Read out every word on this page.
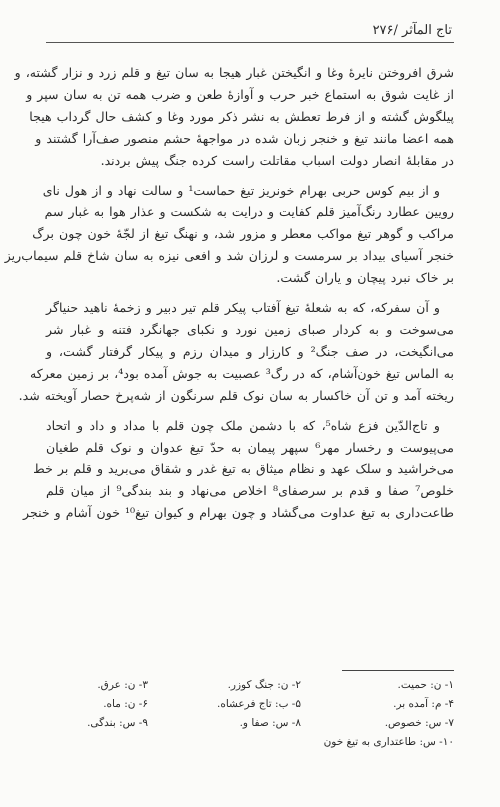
تاج المآثر /۲۷۶
شرق افروختن نایرهٔ وغا و انگیختن غبار هیجا به سان تیغ و قلم زرد و نزار گشته، و
از غایت شوق به استماع خبر حرب و آوازهٔ طعن و ضرب همه تن به سان سپر و
پیلگوش گشته و از فرط تعطش به نشر ذکر مورد وغا و کشف حال گرداب هیجا
همه اعضا مانند تیغ و خنجر زبان شده در مواجههٔ حشم منصور صف‌آرا گشتند و
در مقابلهٔ انصار دولت اسباب مقاتلت راست کرده جنگ پیش بردند.
و از بیم کوس حربی بهرام خونریز تیغ حماست¹ و سالت نهاد و از هول نای
رویین عطارد رنگ‌آمیز قلم کفایت و درایت به شکست و عذار هوا به غبار سم
مراکب و گوهر تیغ مواکب معطر و مزور شد، و نهنگ تیغ از لجّهٔ خون چون برگ
خنجر آسیای بیداد بر سرمست و لرزان شد و افعی نیزه به سان شاخ قلم سیماب‌ریز
بر خاک نبرد پیچان و یاران گشت.
و آن سفرکه، که به شعلهٔ تیغ آفتاب پیکر قلم تیر دبیر و زخمهٔ ناهید حنیاگر
می‌سوخت و به کردار صبای زمین نورد و نکبای جهانگرد فتنه و غبار شر
می‌انگیخت، در صف جنگ² و کارزار و میدان رزم و پیکار گرفتار گشت، و
به الماس تیغ خون‌آشام، که در رگ³ عصبیت به جوش آمده بود⁴، بر زمین معرکه
ریخته آمد و تن آن خاکسار به سان نوک قلم سرنگون از شه‌پرخ حصار آویخته شد.
و تاج‌الدّین فزع شاه⁵، که با دشمن ملک چون قلم با مداد و داد و اتحاد
می‌پیوست و رخسار مهر⁶ سپهر پیمان به حدّ تیغ عدوان و نوک قلم طغیان
می‌خراشید و سلک عهد و نظام میثاق به تیغ غدر و شقاق می‌برید و قلم بر خط
خلوص⁷ صفا و قدم بر سرصفای⁸ اخلاص می‌نهاد و بند بندگی⁹ از میان قلم
طاعت‌داری به تیغ عداوت می‌گشاد و چون بهرام و کیوان تیغ¹⁰ خون آشام و خنجر
۱- ن: حمیت.
۲- ن: جنگ کوزر.
۳- ن: عرق.
۴- م: آمده بر.
۵- ب: تاج فرعشاه.
۶- ن: ماه.
۷- س: خصوص.
۸- س: صفا و.
۹- س: بندگی.
۱۰- س: طاعتداری به تیغ خون
